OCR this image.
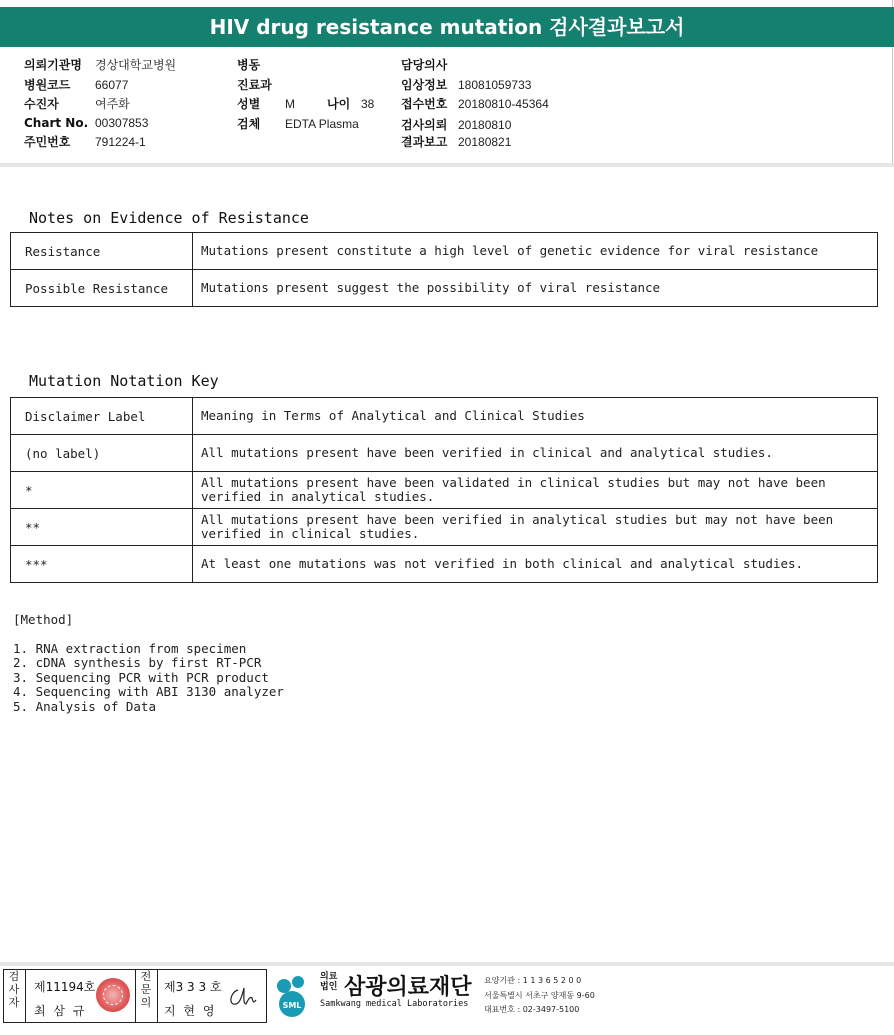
HIV drug resistance mutation 검사결과보고서
의뢰기관명 경상대학교병원
병원코드 66077
수진자	여주화
Chart No. 00307853
주민번호 791224-1
병동
진료과
성별 M	나이 38
검체 EDTA Plasma
담당의사
임상정보 18081059733
접수번호 20180810-45364
검사의뢰 20180810
결과보고 20180821
Notes on Evidence of Resistance
Resistance	Mutations present constitute a high level of genetic evidence for viral resistance
Possible Resistance	Mutations present suggest the possibility of viral resistance
Mutation Notation Key
Disclaimer Label	Meaning in Terms of Analytical and Clinical Studies
(no label)	All mutations present have been verified in clinical and analytical studies.
*	All mutations present have been validated in clinical studies but may not have been verified in analytical studies.
**	All mutations present have been verified in analytical studies but may not have been verified in clinical studies.
***	At least one mutations was not verified in both clinical and analytical studies.
[Method]
1. RNA extraction from specimen
2. cDNA synthesis by first RT-PCR
3. Sequencing PCR with PCR product
4. Sequencing with ABI 3130 analyzer
5. Analysis of Data
검사자
제11194호
최 삼 규
전문의
제3 3 3 호
지 현 영	SML
의료
법인 삼광의료재단
Samkwang medical Laboratories
요양기관 : 1 1 3 6 5 2 0 0
서울특별시 서초구 양재동 9-60
대표번호 : 02-3497-5100
